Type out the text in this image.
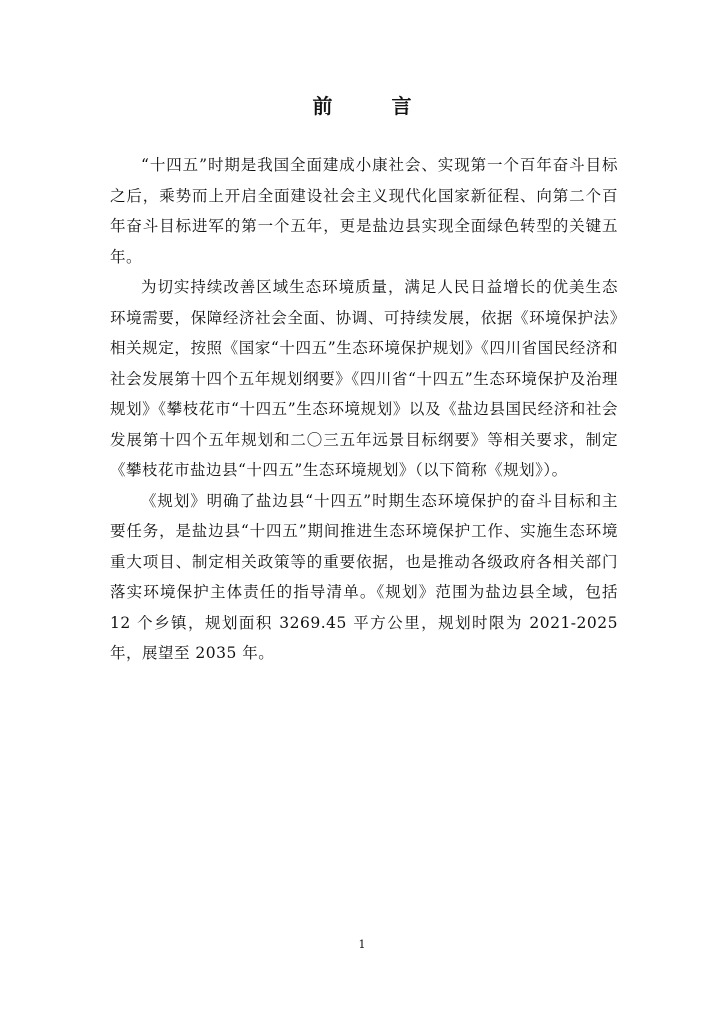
前 言

“十四五”时期是我国全面建成小康社会、实现第一个百年奋斗目标之后，乘势而上开启全面建设社会主义现代化国家新征程、向第二个百年奋斗目标进军的第一个五年，更是盐边县实现全面绿色转型的关键五年。

为切实持续改善区域生态环境质量，满足人民日益增长的优美生态环境需要，保障经济社会全面、协调、可持续发展，依据《环境保护法》相关规定，按照《国家“十四五”生态环境保护规划》《四川省国民经济和社会发展第十四个五年规划纲要》《四川省“十四五”生态环境保护及治理规划》《攀枝花市“十四五”生态环境规划》以及《盐边县国民经济和社会发展第十四个五年规划和二〇三五年远景目标纲要》等相关要求，制定《攀枝花市盐边县“十四五”生态环境规划》（以下简称《规划》）。

《规划》明确了盐边县“十四五”时期生态环境保护的奋斗目标和主要任务，是盐边县“十四五”期间推进生态环境保护工作、实施生态环境重大项目、制定相关政策等的重要依据，也是推动各级政府各相关部门落实环境保护主体责任的指导清单。《规划》范围为盐边县全域，包括 12 个乡镇，规划面积 3269.45 平方公里，规划时限为 2021-2025 年，展望至 2035 年。

1
